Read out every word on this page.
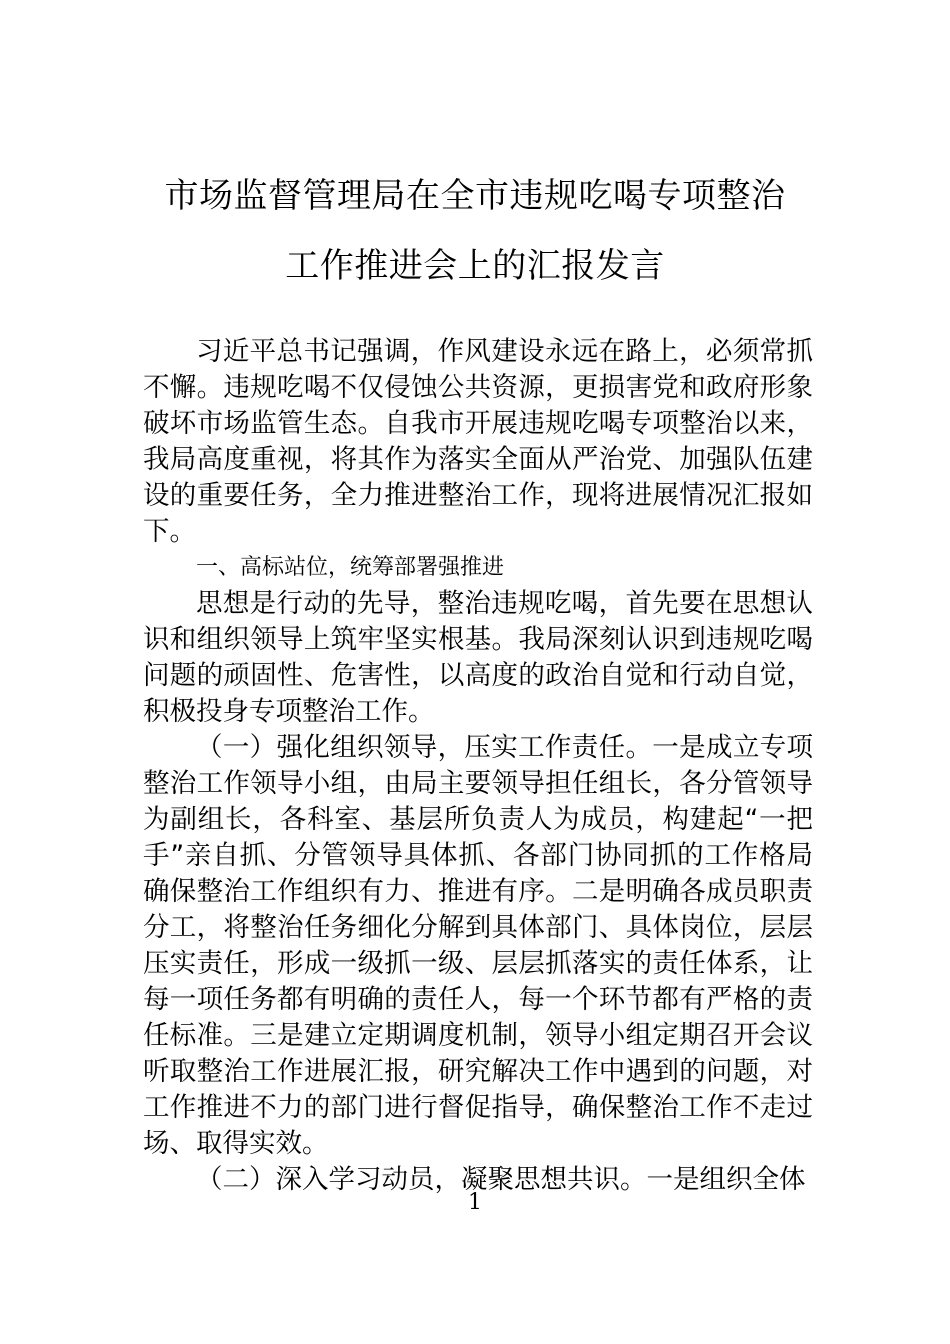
市场监督管理局在全市违规吃喝专项整治
工作推进会上的汇报发言

习近平总书记强调，作风建设永远在路上，必须常抓不懈。违规吃喝不仅侵蚀公共资源，更损害党和政府形象破坏市场监管生态。自我市开展违规吃喝专项整治以来，我局高度重视，将其作为落实全面从严治党、加强队伍建设的重要任务，全力推进整治工作，现将进展情况汇报如下。

一、高标站位，统筹部署强推进

思想是行动的先导，整治违规吃喝，首先要在思想认识和组织领导上筑牢坚实根基。我局深刻认识到违规吃喝问题的顽固性、危害性，以高度的政治自觉和行动自觉，积极投身专项整治工作。

（一）强化组织领导，压实工作责任。一是成立专项整治工作领导小组，由局主要领导担任组长，各分管领导为副组长，各科室、基层所负责人为成员，构建起“一把手”亲自抓、分管领导具体抓、各部门协同抓的工作格局确保整治工作组织有力、推进有序。二是明确各成员职责分工，将整治任务细化分解到具体部门、具体岗位，层层压实责任，形成一级抓一级、层层抓落实的责任体系，让每一项任务都有明确的责任人，每一个环节都有严格的责任标准。三是建立定期调度机制，领导小组定期召开会议听取整治工作进展汇报，研究解决工作中遇到的问题，对工作推进不力的部门进行督促指导，确保整治工作不走过场、取得实效。

（二）深入学习动员，凝聚思想共识。一是组织全体

1
